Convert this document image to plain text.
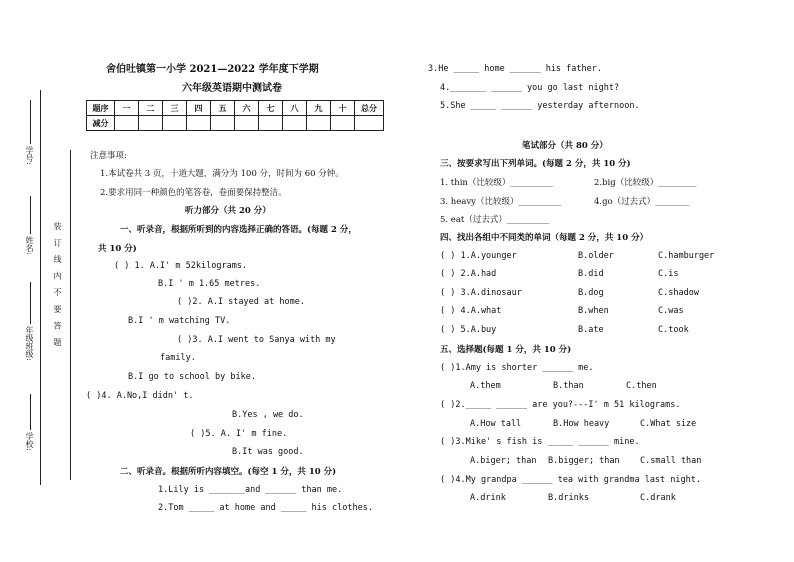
学校:
年级班级:
姓名:
学号:
装 订 线 内 不 要 答 题
舍伯吐镇第一小学 2021—2022 学年度下学期
六年级英语期中测试卷
题序	一	二	三	四	五	六	七	八	九	十	总分
减分											
注意事项:
1.本试卷共 3 页，十道大题，满分为 100 分，时间为 60 分钟。
2.要求用同一种颜色的笔答卷，卷面要保持整洁。
听力部分（共 20 分）
一、听录音，根据所听到的内容选择正确的答语。(每题 2 分，
共 10 分)
( ) 1. A.I' m 52kilograms.
B.I ' m 1.65 metres.
( )2. A.I stayed at home.
B.I ' m watching TV.
( )3. A.I went to Sanya with my
family.
B.I go to school by bike.
( )4. A.No,I didn' t.
B.Yes , we do.
( )5. A. I' m fine.
B.It was good.
二、听录音。根据所听内容填空。(每空 1 分，共 10 分)
1.Lily is _______and ______ than me.
2.Tom _____ at home and _____ his clothes.
3.He _____ home ______ his father.
4._______ ______ you go last night?
5.She _____ ______ yesterday afternoon.
笔试部分（共 80 分）
三、按要求写出下列单词。(每题 2 分，共 10 分)
1. thin（比较级）__________	2.big（比较级）_________
3. heavy（比较级）__________	4.go（过去式）________
5. eat（过去式）__________
四、找出各组中不同类的单词（每题 2 分，共 10 分）
( ) 1.A.younger	B.older	C.hamburger
( ) 2.A.had	B.did	C.is
( ) 3.A.dinosaur	B.dog	C.shadow
( ) 4.A.what	B.when	C.was
( ) 5.A.buy	B.ate	C.took
五、选择题(每题 1 分，共 10 分)
( )1.Amy is shorter ______ me.
A.them	B.than	C.then
( )2._____ ______ are you?---I' m 51 kilograms.
A.How tall	B.How heavy	C.What size
( )3.Mike' s fish is _____ ______ mine.
A.biger; than B.bigger; than C.small than
( )4.My grandpa ______ tea with grandma last night.
A.drink	B.drinks	C.drank
